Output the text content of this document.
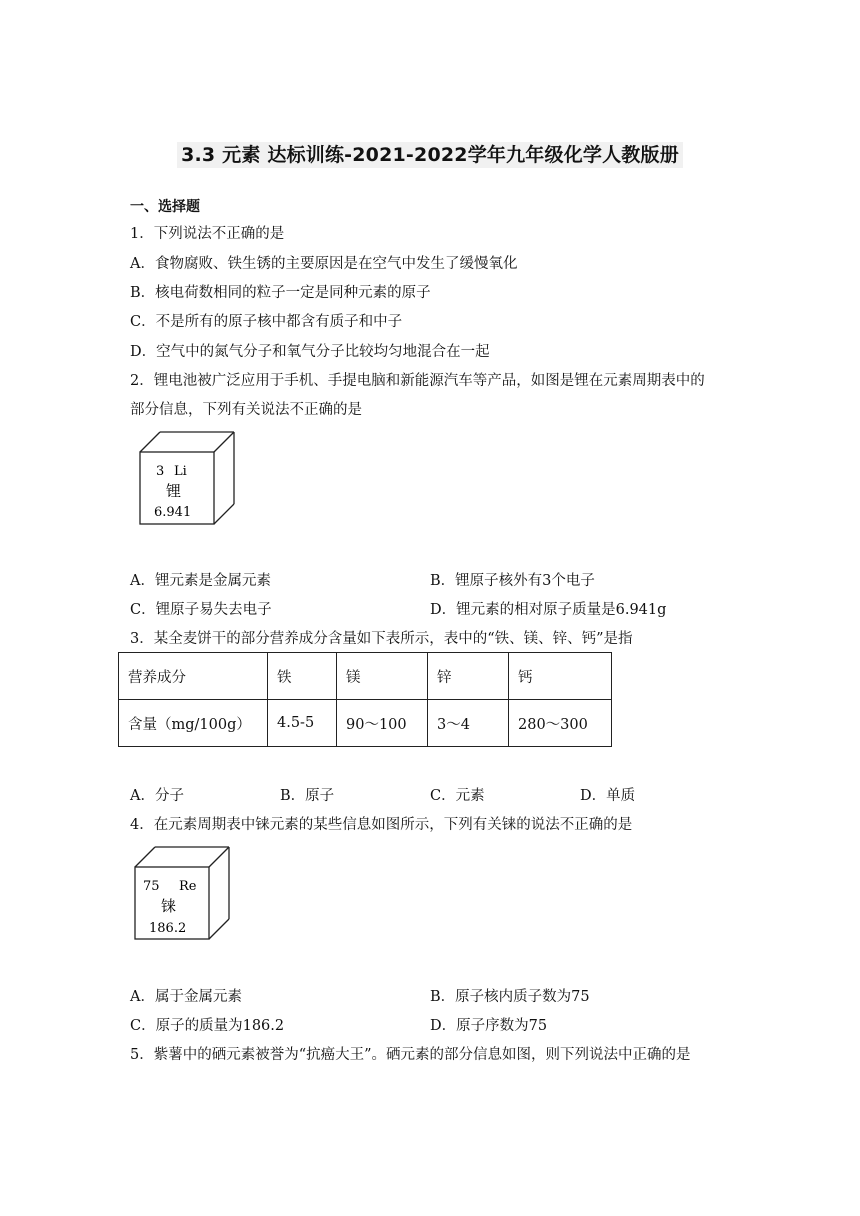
3.3 元素 达标训练-2021-2022学年九年级化学人教版册
一、选择题
1．下列说法不正确的是
A．食物腐败、铁生锈的主要原因是在空气中发生了缓慢氧化
B．核电荷数相同的粒子一定是同种元素的原子
C．不是所有的原子核中都含有质子和中子
D．空气中的氮气分子和氧气分子比较均匀地混合在一起
2．锂电池被广泛应用于手机、手提电脑和新能源汽车等产品，如图是锂在元素周期表中的
部分信息，下列有关说法不正确的是
3 Li
锂
6.941
A．锂元素是金属元素	B．锂原子核外有3个电子
C．锂原子易失去电子	D．锂元素的相对原子质量是6.941g
3．某全麦饼干的部分营养成分含量如下表所示，表中的“铁、镁、锌、钙”是指
营养成分	铁	镁	锌	钙
含量（mg/100g）	4.5-5	90～100	3～4	280～300
A．分子	B．原子	C．元素	D．单质
4．在元素周期表中铼元素的某些信息如图所示，下列有关铼的说法不正确的是
75 Re
铼
186.2
A．属于金属元素	B．原子核内质子数为75
C．原子的质量为186.2	D．原子序数为75
5．紫薯中的硒元素被誉为“抗癌大王”。硒元素的部分信息如图，则下列说法中正确的是
